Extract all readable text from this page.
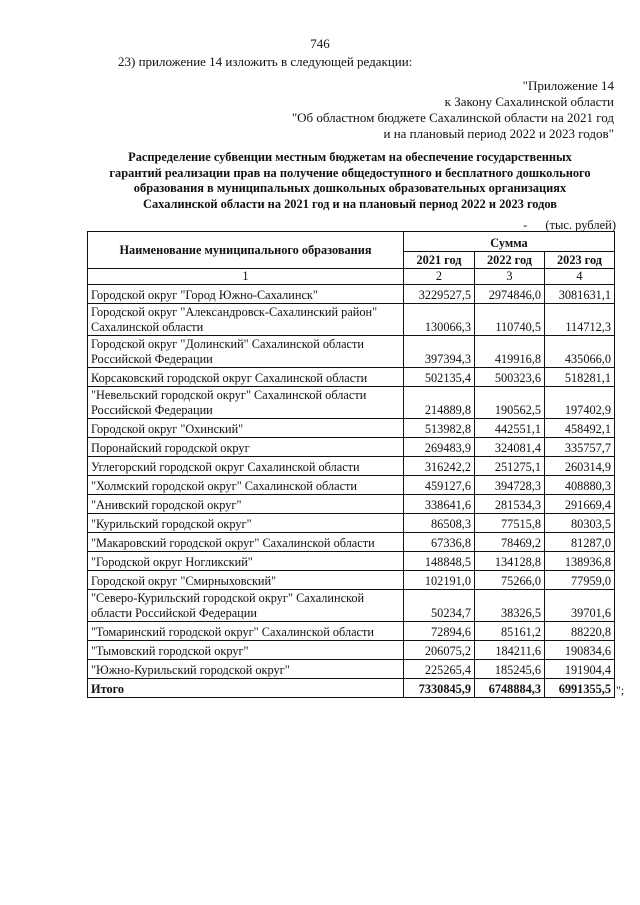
746
23) приложение 14 изложить в следующей редакции:
"Приложение 14
к Закону Сахалинской области
"Об областном бюджете Сахалинской области на 2021 год
и на плановый период 2022 и 2023 годов"
Распределение субвенции местным бюджетам на обеспечение государственных
гарантий реализации прав на получение общедоступного и бесплатного дошкольного
образования в муниципальных дошкольных образовательных организациях
Сахалинской области на 2021 год и на плановый период 2022 и 2023 годов
- (тыс. рублей)
Наименование муниципального образования	Сумма		
	2021 год	2022 год	2023 год
1	2	3	4
Городской округ "Город Южно-Сахалинск"	3229527,5	2974846,0	3081631,1
Городской округ "Александровск-Сахалинский район" Сахалинской области	130066,3	110740,5	114712,3
Городской округ "Долинский" Сахалинской области Российской Федерации	397394,3	419916,8	435066,0
Корсаковский городской округ Сахалинской области	502135,4	500323,6	518281,1
"Невельский городской округ" Сахалинской области Российской Федерации	214889,8	190562,5	197402,9
Городской округ "Охинский"	513982,8	442551,1	458492,1
Поронайский городской округ	269483,9	324081,4	335757,7
Углегорский городской округ Сахалинской области	316242,2	251275,1	260314,9
"Холмский городской округ" Сахалинской области	459127,6	394728,3	408880,3
"Анивский городской округ"	338641,6	281534,3	291669,4
"Курильский городской округ"	86508,3	77515,8	80303,5
"Макаровский городской округ" Сахалинской области	67336,8	78469,2	81287,0
"Городской округ Ногликский"	148848,5	134128,8	138936,8
Городской округ "Смирныховский"	102191,0	75266,0	77959,0
"Северо-Курильский городской округ" Сахалинской области Российской Федерации	50234,7	38326,5	39701,6
"Томаринский городской округ" Сахалинской области	72894,6	85161,2	88220,8
"Тымовский городской округ"	206075,2	184211,6	190834,6
"Южно-Курильский городской округ"	225265,4	185245,6	191904,4
Итого	7330845,9	6748884,3	6991355,5 ";
